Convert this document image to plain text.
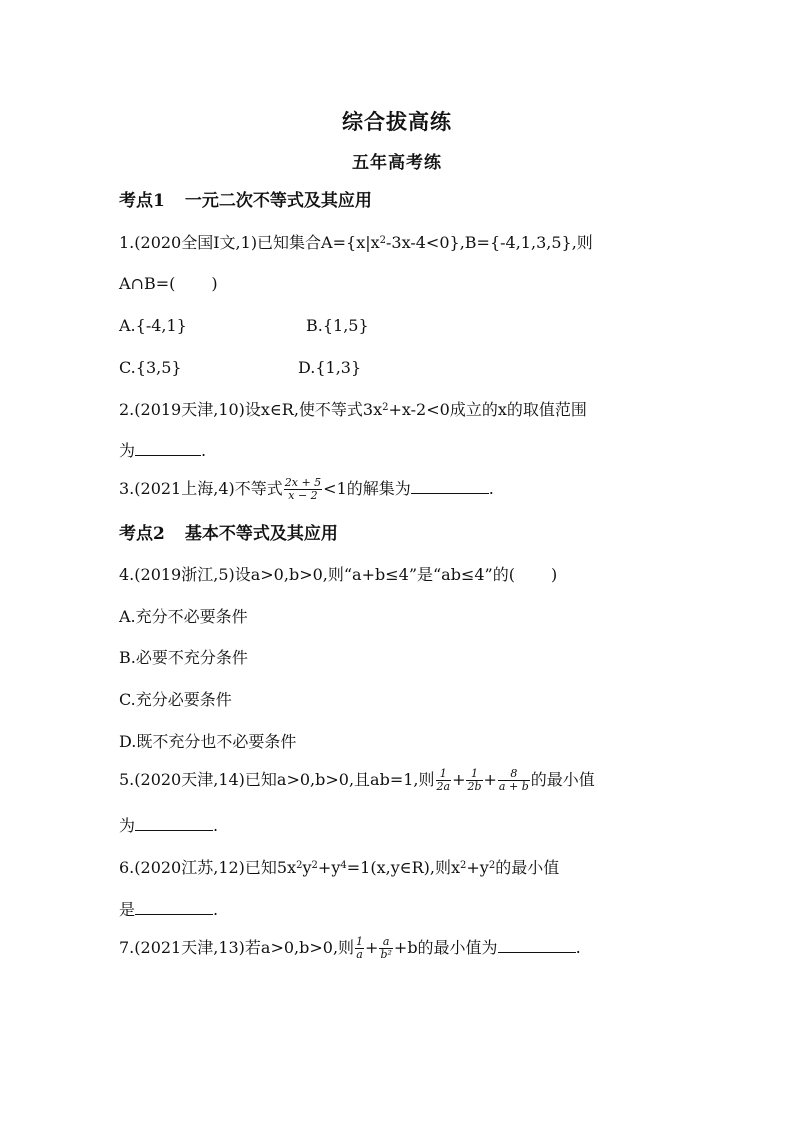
综合拔高练
五年高考练
考点1 一元二次不等式及其应用
1.(2020全国Ⅰ文,1)已知集合$A=\{x|x^2-3x-4<0\},B=\{-4,1,3,5\}$,则
A∩B=( )
A.{-4,1}	B.{1,5}
C.{3,5}	D.{1,3}
2.(2019天津,10)设x∈R,使不等式$3x^2+x-2<0$成立的x的取值范围
为	.
3.(2021上海,4)不等式 $\frac{2x + 5}{x - 2} <1$的解集为	.
考点2 基本不等式及其应用
4.(2019浙江,5)设a>0,b>0,则“a+b≤4”是“ab≤4”的( )
A.充分不必要条件
B.必要不充分条件
C.充分必要条件
D.既不充分也不必要条件
5.(2020天津,14)已知a>0,b>0,且ab=1,则 $\frac{1}{2a} + \frac{1}{2b} + \frac{8}{a + b}$ 的最小值
为	.
6.(2020江苏,12)已知$5x^2y^2+y^4=1(x,y\in R)$,则$x^2+y^2$的最小值
是	.
7.(2021天津,13)若a>0,b>0,则 $\frac{1}{a} + \frac{a}{\text{b²}} +b$的最小值为	.
